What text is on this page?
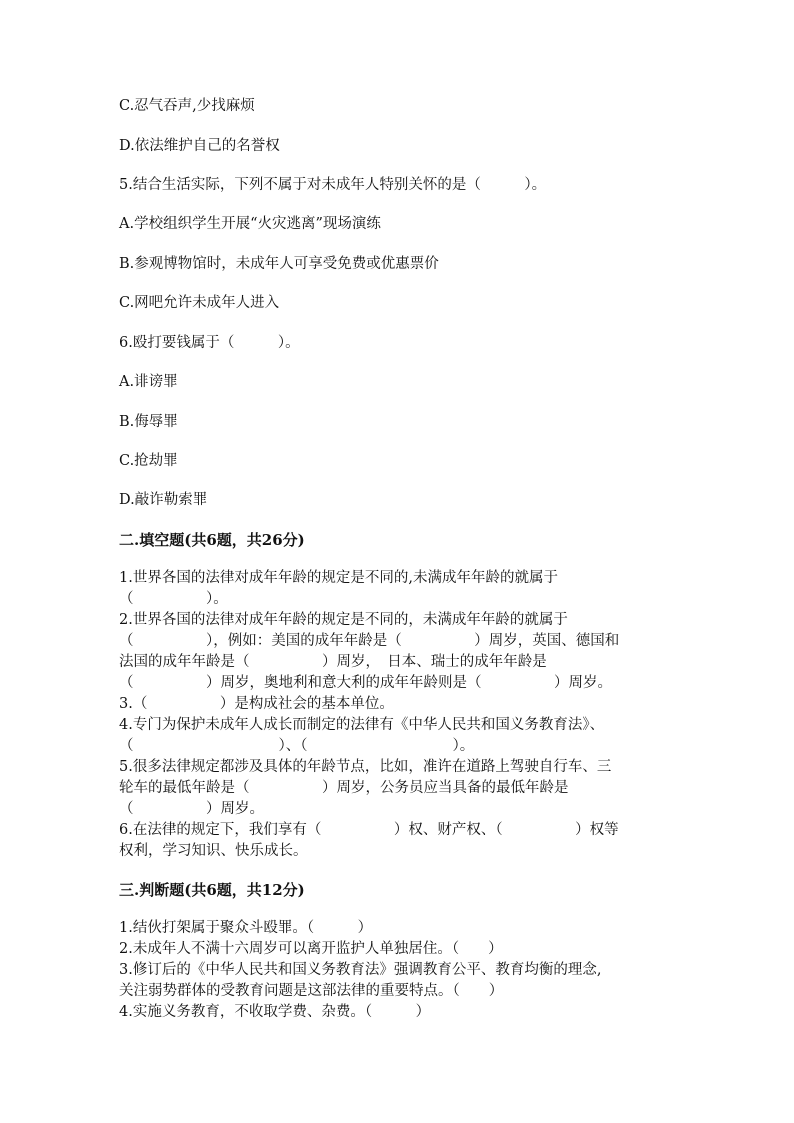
C.忍气吞声,少找麻烦
D.依法维护自己的名誉权
5.结合生活实际，下列不属于对未成年人特别关怀的是（　　　）。
A.学校组织学生开展“火灾逃离”现场演练
B.参观博物馆时，未成年人可享受免费或优惠票价
C.网吧允许未成年人进入
6.殴打要钱属于（　　　）。
A.诽谤罪
B.侮辱罪
C.抢劫罪
D.敲诈勒索罪
二.填空题(共6题，共26分)
1.世界各国的法律对成年年龄的规定是不同的,未满成年年龄的就属于
（　　　　　）。
2.世界各国的法律对成年年龄的规定是不同的，未满成年年龄的就属于
（　　　　　），例如：美国的成年年龄是（　　　　　）周岁，英国、德国和
法国的成年年龄是（　　　　　）周岁，　日本、瑞士的成年年龄是
（　　　　　）周岁，奥地利和意大利的成年年龄则是（　　　　　）周岁。
3.（　　　　　）是构成社会的基本单位。
4.专门为保护未成年人成长而制定的法律有《中华人民共和国义务教育法》、
（　　　　　　　　　　）、（　　　　　　　　　　）。
5.很多法律规定都涉及具体的年龄节点，比如，准许在道路上驾驶自行车、三
轮车的最低年龄是（　　　　　）周岁，公务员应当具备的最低年龄是
（　　　　　）周岁。
6.在法律的规定下，我们享有（　　　　　）权、财产权、（　　　　　）权等
权利，学习知识、快乐成长。
三.判断题(共6题，共12分)
1.结伙打架属于聚众斗殴罪。（　　　）
2.未成年人不满十六周岁可以离开监护人单独居住。（　　）
3.修订后的《中华人民共和国义务教育法》强调教育公平、教育均衡的理念,
关注弱势群体的受教育问题是这部法律的重要特点。（　　）
4.实施义务教育，不收取学费、杂费。（　　　）
